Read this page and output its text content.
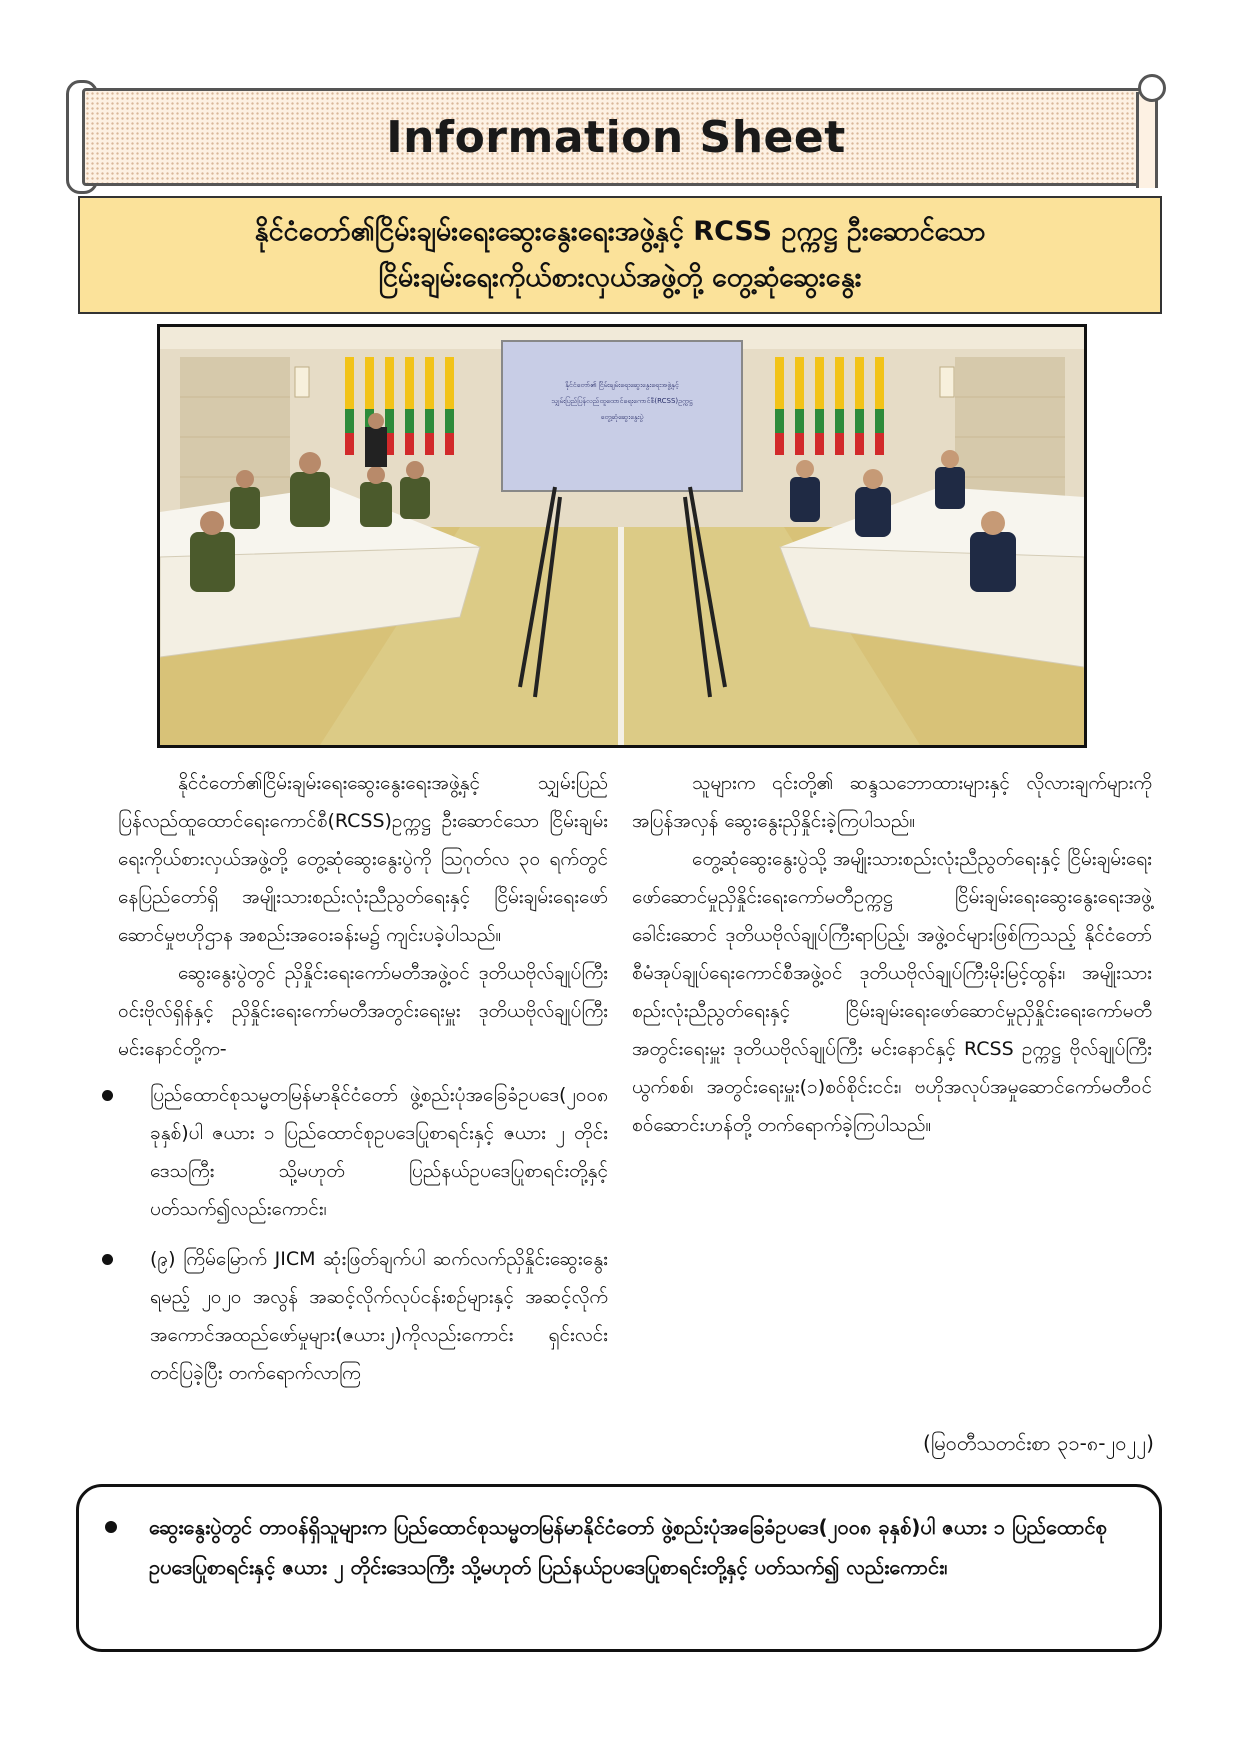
Information Sheet
နိုင်ငံတော်၏ငြိမ်းချမ်းရေးဆွေးနွေးရေးအဖွဲ့နှင့် RCSS ဥက္ကဋ္ဌ ဦးဆောင်သော
ငြိမ်းချမ်းရေးကိုယ်စားလှယ်အဖွဲ့တို့ တွေ့ဆုံဆွေးနွေး
နိုင်ငံတော်၏ ငြိမ်းချမ်းရေးဆွေးနွေးရေးအဖွဲ့နှင့်
သျှမ်းပြည်ပြန်လည်ထူထောင်ရေးကောင်စီ(RCSS)ဥက္ကဋ္ဌ
တွေ့ဆုံဆွေးနွေးပွဲ

နိုင်ငံတော်၏ငြိမ်းချမ်းရေးဆွေးနွေးရေးအဖွဲ့နှင့် သျှမ်းပြည်ပြန်လည်ထူထောင်ရေးကောင်စီ(RCSS)ဥက္ကဋ္ဌ ဦးဆောင်သော ငြိမ်းချမ်းရေးကိုယ်စားလှယ်အဖွဲ့တို့ တွေ့ဆုံဆွေးနွေးပွဲကို ဩဂုတ်လ ၃၀ ရက်တွင် နေပြည်တော်ရှိ အမျိုးသားစည်းလုံးညီညွတ်ရေးနှင့် ငြိမ်းချမ်းရေးဖော်ဆောင်မှုဗဟိုဌာန အစည်းအဝေးခန်းမ၌ ကျင်းပခဲ့ပါသည်။

ဆွေးနွေးပွဲတွင် ညှိနှိုင်းရေးကော်မတီအဖွဲ့ဝင် ဒုတိယဗိုလ်ချုပ်ကြီးဝင်းဗိုလ်ရှိန်နှင့် ညှိနှိုင်းရေးကော်မတီအတွင်းရေးမှူး ဒုတိယဗိုလ်ချုပ်ကြီးမင်းနောင်တို့က-

ပြည်ထောင်စုသမ္မတမြန်မာနိုင်ငံတော် ဖွဲ့စည်းပုံအခြေခံဥပဒေ(၂၀၀၈ ခုနှစ်)ပါ ဇယား ၁ ပြည်ထောင်စုဥပဒေပြုစာရင်းနှင့် ဇယား ၂ တိုင်းဒေသကြီး သို့မဟုတ် ပြည်နယ်ဥပဒေပြုစာရင်းတို့နှင့်ပတ်သက်၍လည်းကောင်း၊
(၉) ကြိမ်မြောက် JICM ဆုံးဖြတ်ချက်ပါ ဆက်လက်ညှိနှိုင်းဆွေးနွေးရမည့် ၂၀၂၀ အလွန် အဆင့်လိုက်လုပ်ငန်းစဉ်များနှင့် အဆင့်လိုက်အကောင်အထည်ဖော်မှုများ(ဇယား၂)ကိုလည်းကောင်း ရှင်းလင်းတင်ပြခဲ့ပြီး တက်ရောက်လာကြ

သူများက ၎င်းတို့၏ ဆန္ဒသဘောထားများနှင့် လိုလားချက်များကို အပြန်အလှန် ဆွေးနွေးညှိနှိုင်းခဲ့ကြပါသည်။

တွေ့ဆုံဆွေးနွေးပွဲသို့ အမျိုးသားစည်းလုံးညီညွတ်ရေးနှင့် ငြိမ်းချမ်းရေးဖော်ဆောင်မှုညှိနှိုင်းရေးကော်မတီဥက္ကဋ္ဌ ငြိမ်းချမ်းရေးဆွေးနွေးရေးအဖွဲ့ခေါင်းဆောင် ဒုတိယဗိုလ်ချုပ်ကြီးရာပြည့်၊ အဖွဲ့ဝင်များဖြစ်ကြသည့် နိုင်ငံတော်စီမံအုပ်ချုပ်ရေးကောင်စီအဖွဲ့ဝင် ဒုတိယဗိုလ်ချုပ်ကြီးမိုးမြင့်ထွန်း၊ အမျိုးသားစည်းလုံးညီညွတ်ရေးနှင့် ငြိမ်းချမ်းရေးဖော်ဆောင်မှုညှိနှိုင်းရေးကော်မတီ အတွင်းရေးမှူး ဒုတိယဗိုလ်ချုပ်ကြီး မင်းနောင်နှင့် RCSS ဥက္ကဋ္ဌ ဗိုလ်ချုပ်ကြီးယွက်စစ်၊ အတွင်းရေးမှူး(၁)စဝ်စိုင်းငင်း၊ ဗဟိုအလုပ်အမှုဆောင်ကော်မတီဝင် စဝ်ဆောင်းဟန်တို့ တက်ရောက်ခဲ့ကြပါသည်။

(မြဝတီသတင်းစာ ၃၁-၈-၂၀၂၂)
ဆွေးနွေးပွဲတွင် တာဝန်ရှိသူများက ပြည်ထောင်စုသမ္မတမြန်မာနိုင်ငံတော် ဖွဲ့စည်းပုံအခြေခံဥပဒေ(၂၀၀၈ ခုနှစ်)ပါ ဇယား ၁ ပြည်ထောင်စုဥပဒေပြုစာရင်းနှင့် ဇယား ၂ တိုင်းဒေသကြီး သို့မဟုတ် ပြည်နယ်ဥပဒေပြုစာရင်းတို့နှင့် ပတ်သက်၍ လည်းကောင်း၊
